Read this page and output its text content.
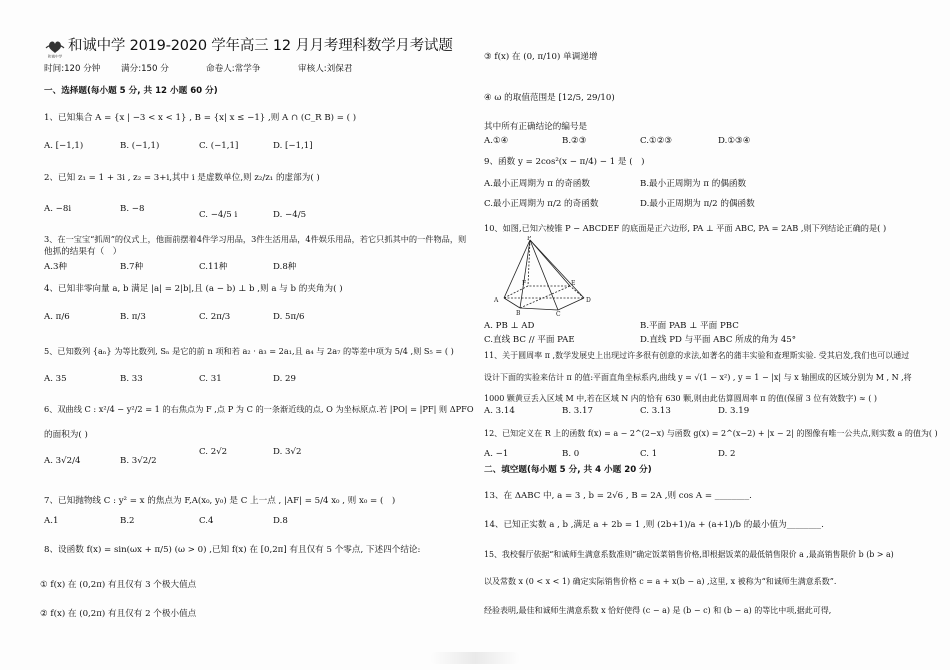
和诚中学
和诚中学 2019-2020 学年高三 12 月月考理科数学月考试题
时间:120 分钟 满分:150 分	命卷人:常学争	审核人:刘保君
一、选择题(每小题 5 分, 共 12 小题 60 分)
1、已知集合 A = {x | −3 < x < 1} , B = {x| x ≤ −1} ,则 A ∩ (C_R B) = ( )
A. [−1,1)	B. (−1,1)	C. (−1,1]	D. [−1,1]
2、已知 z₁ = 1 + 3i , z₂ = 3+i,其中 i 是虚数单位,则 z₂/z₁ 的虚部为( )
A. −8i	B. −8
C. −4/5 i	D. −4/5
3、在一宝宝“抓周”的仪式上，他面前摆着4件学习用品，3件生活用品，4件娱乐用品，若它只抓其中的一件物品，则
他抓的结果有（　）
A.3种	B.7种	C.11种	D.8种
4、已知非零向量 a, b 满足 |a| = 2|b|,且 (a − b) ⊥ b ,则 a 与 b 的夹角为( )
A. π/6	B. π/3	C. 2π/3	D. 5π/6
5、已知数列 {aₙ} 为等比数列, Sₙ 是它的前 n 项和若 a₂ · a₃ = 2a₁,且 a₄ 与 2a₇ 的等差中项为 5/4 ,则 S₅ = ( )
A. 35	B. 33	C. 31	D. 29
6、双曲线 C : x²/4 − y²/2 = 1 的右焦点为 F ,点 P 为 C 的一条渐近线的点, O 为坐标原点.若 |PO| = |PF| 则 ΔPFO
的面积为( )
A. 3√2/4	B. 3√2/2
C. 2√2	D. 3√2
7、已知抛物线 C : y² = x 的焦点为 F,A(x₀, y₀) 是 C 上一点 , |AF| = 5/4 x₀ , 则 x₀ = (　)
A.1	B.2	C.4	D.8
8、设函数 f(x) = sin(ωx + π/5) (ω > 0) ,已知 f(x) 在 [0,2π] 有且仅有 5 个零点, 下述四个结论:
① f(x) 在 (0,2π) 有且仅有 3 个极大值点
② f(x) 在 (0,2π) 有且仅有 2 个极小值点
③ f(x) 在 (0, π/10) 单调递增
④ ω 的取值范围是 [12/5, 29/10)
其中所有正确结论的编号是
A.①④	B.②③	C.①②③	D.①③④
9、函数 y = 2cos²(x − π/4) − 1 是 (　)
A.最小正周期为 π 的奇函数	B.最小正周期为 π 的偶函数
C.最小正周期为 π/2 的奇函数	D.最小正周期为 π/2 的偶函数
10、如图,已知六棱锥 P − ABCDEF 的底面是正六边形, PA ⊥ 平面 ABC, PA = 2AB ,则下列结论正确的是( )
P
A
B	C
D
E
F
A. PB ⊥ AD	B.平面 PAB ⊥ 平面 PBC
C.直线 BC // 平面 PAE	D.直线 PD 与平面 ABC 所成的角为 45°
11、关于圆周率 π ,数学发展史上出现过许多很有创意的求法,如著名的蒲丰实验和查理斯实验. 受其启发,我们也可以通过
设计下面的实验来估计 π 的值:平面直角坐标系内,曲线 y = √(1 − x²) , y = 1 − |x| 与 x 轴围成的区域分别为 M , N ,将
1000 颗黄豆丢入区域 M 中,若在区域 N 内的恰有 630 颗,则由此估算圆周率 π 的值(保留 3 位有效数字) ≈ ( )
A. 3.14	B. 3.17	C. 3.13	D. 3.19
12、已知定义在 R 上的函数 f(x) = a − 2^(2−x) 与函数 g(x) = 2^(x−2) + |x − 2| 的图像有唯一公共点,则实数 a 的值为( )
A. −1	B. 0	C. 1	D. 2
二、填空题(每小题 5 分, 共 4 小题 20 分)
13、在 ΔABC 中, a = 3 , b = 2√6 , B = 2A ,则 cos A = ________.
14、已知正实数 a , b ,满足 a + 2b = 1 ,则 (2b+1)/a + (a+1)/b 的最小值为________.
15、我校餐厅依据“和诚师生满意系数准则”确定饭菜销售价格,即根据饭菜的最低销售限价 a ,最高销售限价 b (b > a)
以及常数 x (0 < x < 1) 确定实际销售价格 c = a + x(b − a) ,这里, x 被称为“和诚师生满意系数”.
经验表明,最佳和诚师生满意系数 x 恰好使得 (c − a) 是 (b − c) 和 (b − a) 的等比中项,据此可得,
